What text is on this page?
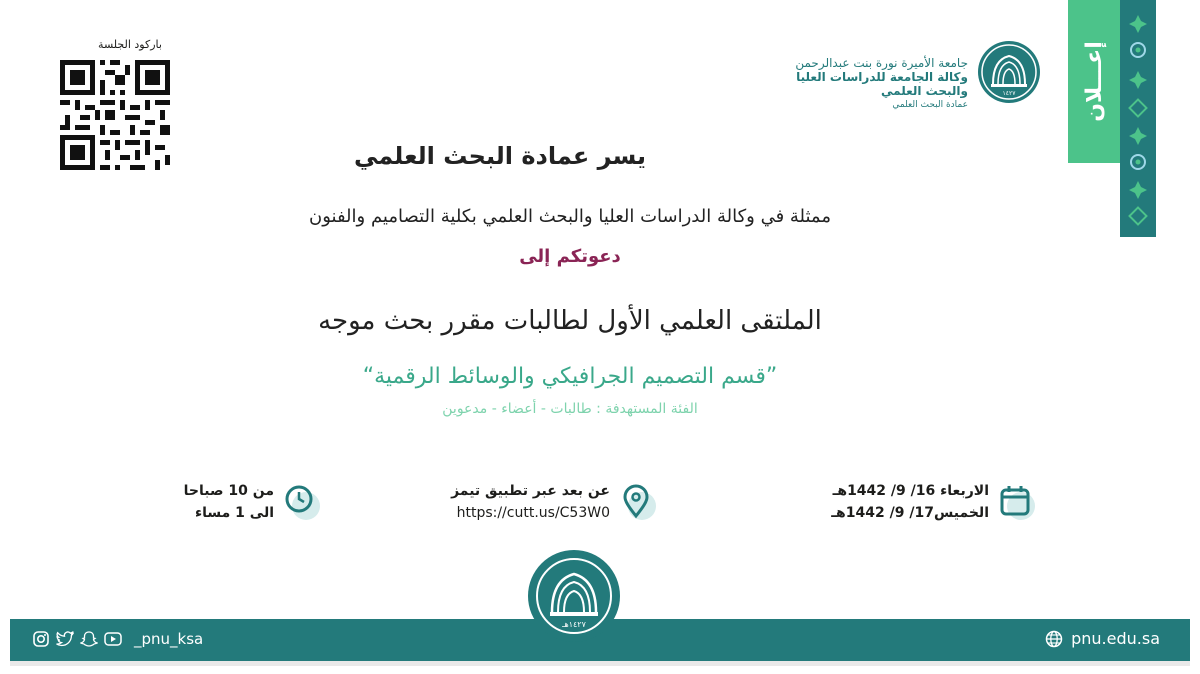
إعـــلان
١٤٢٧
جامعة الأميرة نورة بنت عبدالرحمن
وكالة الجامعة للدراسات العليا
والبحث العلمي
عمادة البحث العلمي
باركود الجلسة
يسر عمادة البحث العلمي
ممثلة في وكالة الدراسات العليا والبحث العلمي بكلية التصاميم والفنون
دعوتكم إلى
الملتقى العلمي الأول لطالبات مقرر بحث موجه
”قسم التصميم الجرافيكي والوسائط الرقمية“
الفئة المستهدفة : طالبات - أعضاء - مدعوين
الاربعاء 16/ 9/ 1442هـ
الخميس17/ 9/ 1442هـ
عن بعد عبر تطبيق تيمز
https://cutt.us/C53W0
من 10 صباحا
الى 1 مساء
١٤٢٧هـ
_pnu_ksa	pnu.edu.sa
